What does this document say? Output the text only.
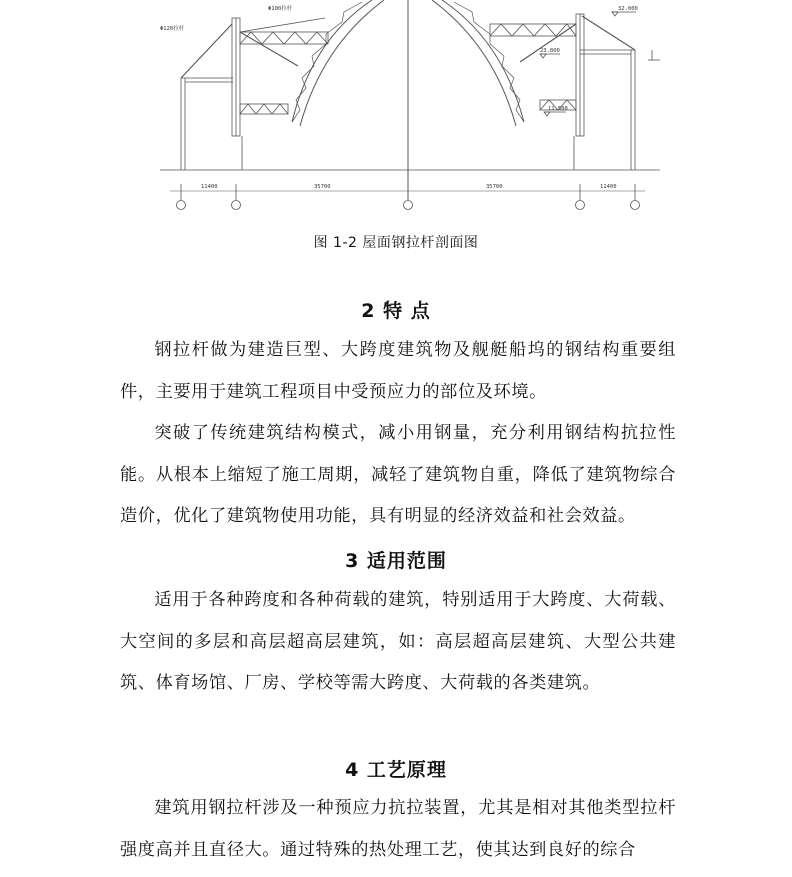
Φ120拉杆
Φ100拉杆	32.000
23.800
11.500
11400	35700	35700	11400
图 1-2 屋面钢拉杆剖面图
2 特 点
钢拉杆做为建造巨型、大跨度建筑物及舰艇船坞的钢结构重要组件，主要用于建筑工程项目中受预应力的部位及环境。
突破了传统建筑结构模式，减小用钢量，充分利用钢结构抗拉性能。从根本上缩短了施工周期，减轻了建筑物自重，降低了建筑物综合造价，优化了建筑物使用功能，具有明显的经济效益和社会效益。
3 适用范围
适用于各种跨度和各种荷载的建筑，特别适用于大跨度、大荷载、大空间的多层和高层超高层建筑，如：高层超高层建筑、大型公共建筑、体育场馆、厂房、学校等需大跨度、大荷载的各类建筑。
4 工艺原理
建筑用钢拉杆涉及一种预应力抗拉装置，尤其是相对其他类型拉杆强度高并且直径大。通过特殊的热处理工艺，使其达到良好的综合
